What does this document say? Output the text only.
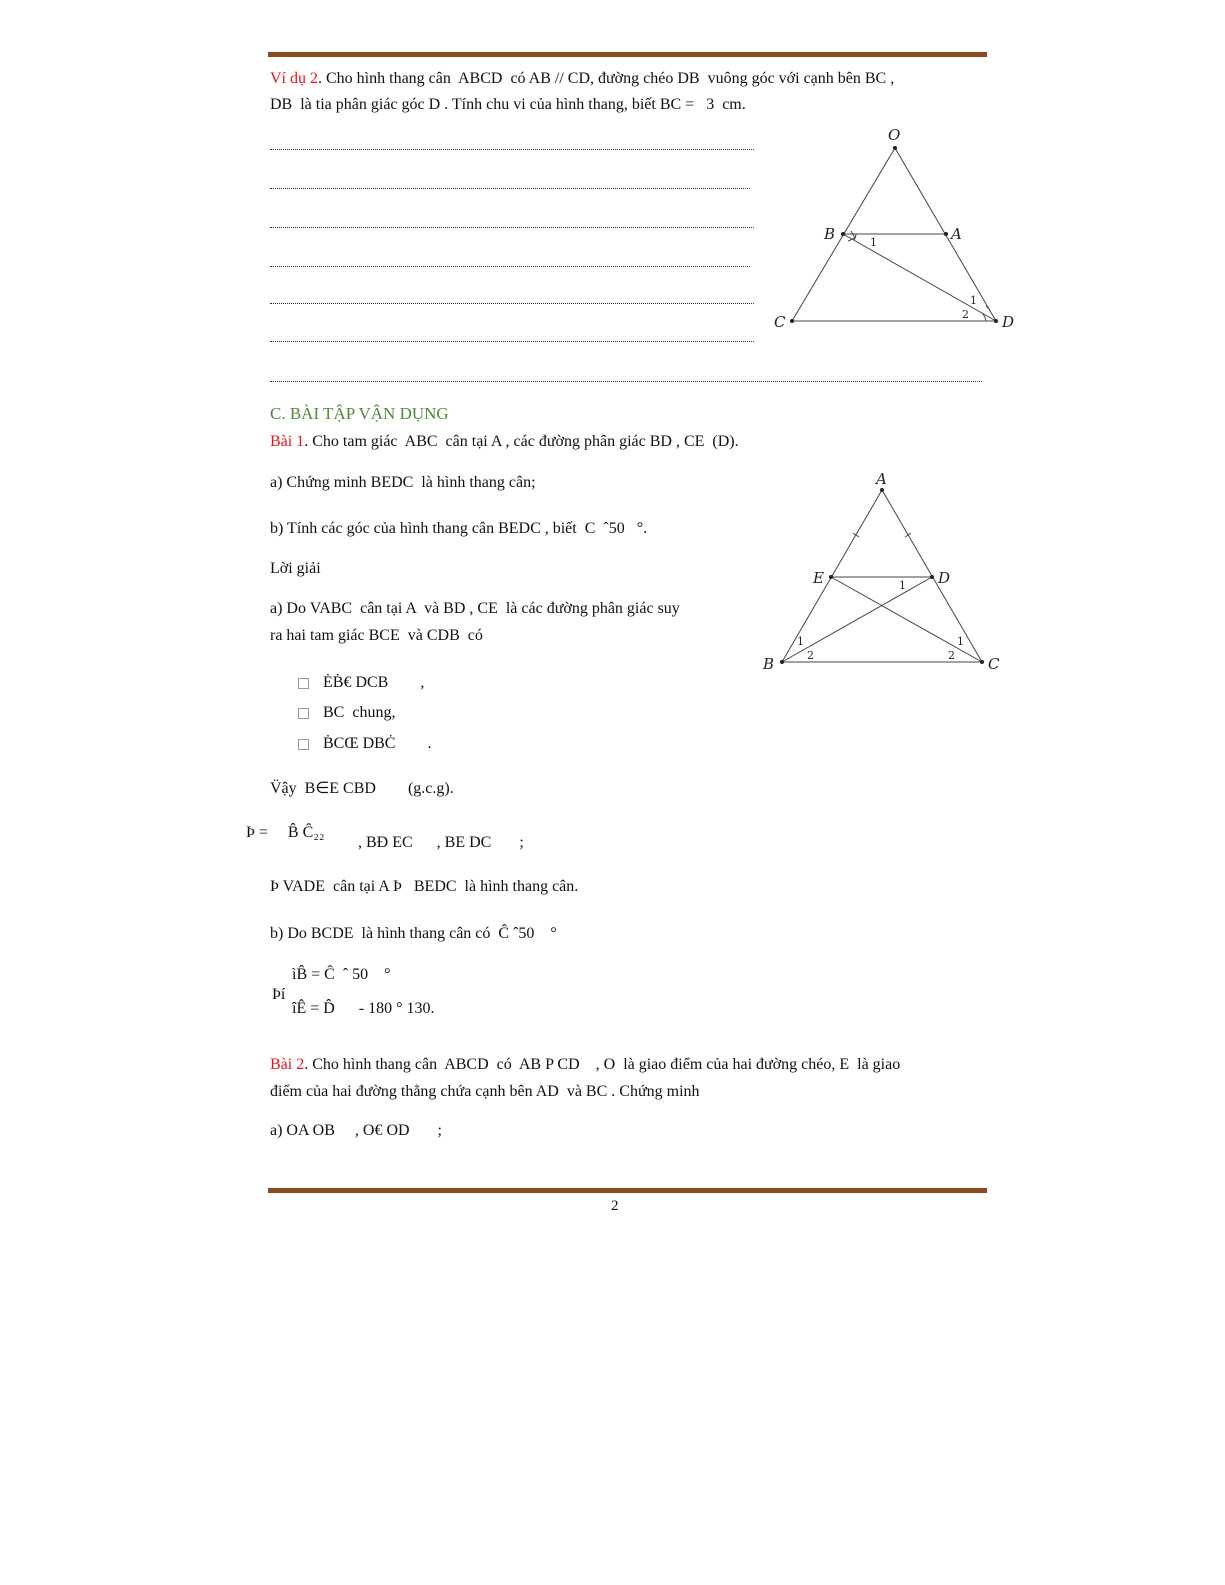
Ví dụ 2. Cho hình thang cân  ABCD  có AB // CD, đường chéo DB  vuông góc với cạnh bên BC ,
DB  là tia phân giác góc D . Tính chu vi của hình thang, biết BC =   3  cm.
O
B	A
C	D
1
1
2
C. BÀI TẬP VẬN DỤNG
Bài 1. Cho tam giác  ABC  cân tại A , các đường phân giác BD , CE  (D).
a) Chứng minh BEDC  là hình thang cân;
b) Tính các góc của hình thang cân BEDC , biết  C  ˆ50   °.
Lời giải
a) Do VABC  cân tại A  và BD , CE  là các đường phân giác suy
ra hai tam giác BCE  và CDB  có
ĖḂ€ DCB        ,
BC  chung,
ḂCŒ DBĊ        .
V̈ậy  B∈E CBD        (g.c.g).
Þ =     B̂ Ĉ₂₂
, BÐ EC      , BE DC       ;
Þ VADE  cân tại A Þ   BEDC  là hình thang cân.
b) Do BCDE  là hình thang cân có  Ĉ ˆ50    °
ìB̂ = Ĉ  ˆ 50    °
Þí
îÊ = D̂      - 180 ° 130.
A
E	D
B	C
1
1	1
2	2
Bài 2. Cho hình thang cân  ABCD  có  AB P CD    , O  là giao điểm của hai đường chéo, E  là giao
điểm của hai đường thẳng chứa cạnh bên AD  và BC . Chứng minh
a) OA OB     , O€ OD       ;
2
